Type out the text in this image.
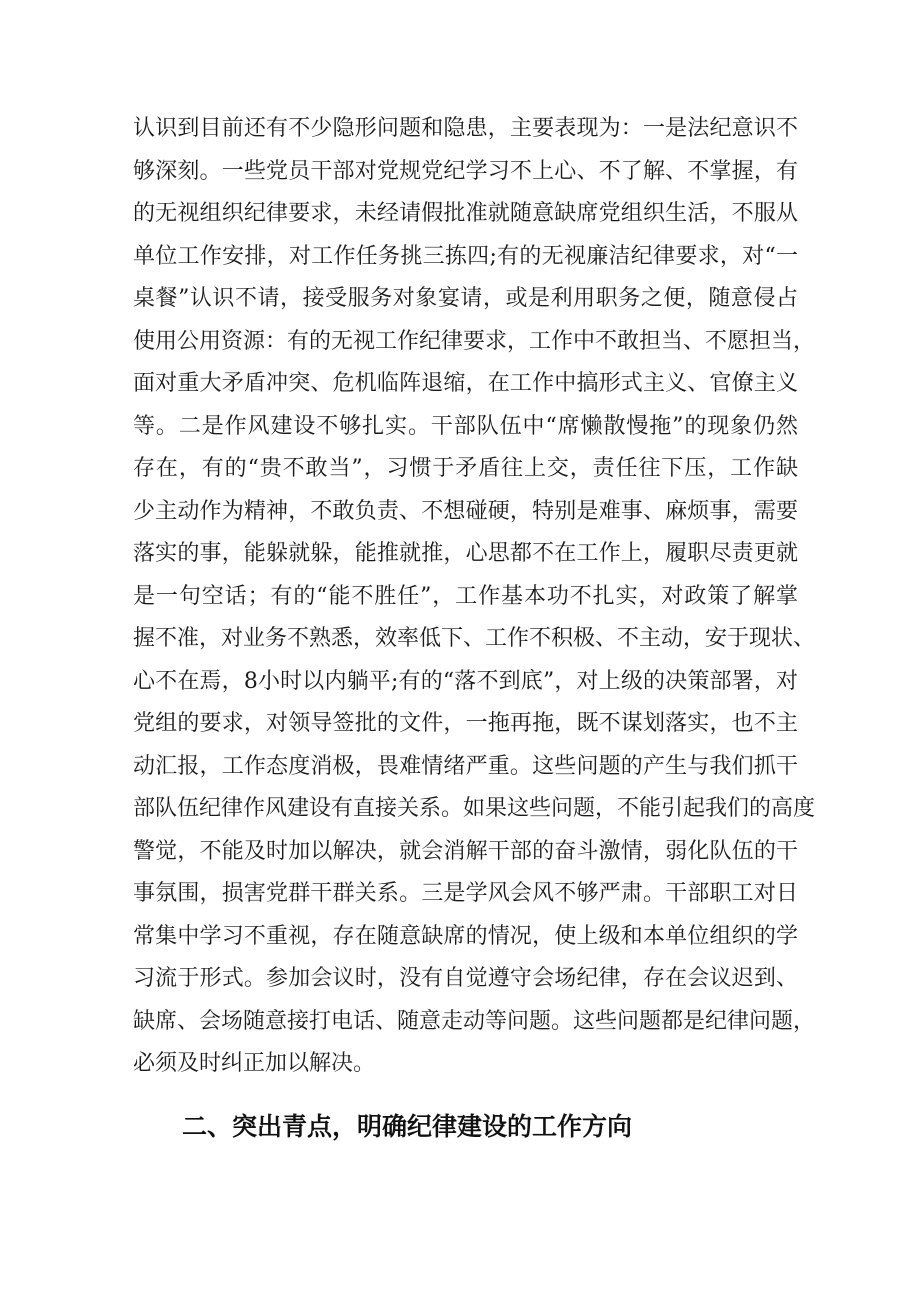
认识到目前还有不少隐形问题和隐患，主要表现为：一是法纪意识不
够深刻。一些党员干部对党规党纪学习不上心、不了解、不掌握，有
的无视组织纪律要求，未经请假批准就随意缺席党组织生活，不服从
单位工作安排，对工作任务挑三拣四;有的无视廉洁纪律要求，对“一
桌餐”认识不请，接受服务对象宴请，或是利用职务之便，随意侵占
使用公用资源：有的无视工作纪律要求，工作中不敢担当、不愿担当，
面对重大矛盾冲突、危机临阵退缩，在工作中搞形式主义、官僚主义
等。二是作风建设不够扎实。干部队伍中“席懒散慢拖”的现象仍然
存在，有的“贵不敢当”，习惯于矛盾往上交，责任往下压，工作缺
少主动作为精神，不敢负责、不想碰硬，特别是难事、麻烦事，需要
落实的事，能躲就躲，能推就推，心思都不在工作上，履职尽责更就
是一句空话；有的“能不胜任”，工作基本功不扎实，对政策了解掌
握不准，对业务不熟悉，效率低下、工作不积极、不主动，安于现状、
心不在焉，8小时以内躺平;有的“落不到底”，对上级的决策部署，对
党组的要求，对领导签批的文件，一拖再拖，既不谋划落实，也不主
动汇报，工作态度消极，畏难情绪严重。这些问题的产生与我们抓干
部队伍纪律作风建设有直接关系。如果这些问题，不能引起我们的高度
警觉，不能及时加以解决，就会消解干部的奋斗激情，弱化队伍的干
事氛围，损害党群干群关系。三是学风会风不够严肃。干部职工对日
常集中学习不重视，存在随意缺席的情况，使上级和本单位组织的学
习流于形式。参加会议时，没有自觉遵守会场纪律，存在会议迟到、
缺席、会场随意接打电话、随意走动等问题。这些问题都是纪律问题，
必须及时纠正加以解决。
二、突出青点，明确纪律建设的工作方向
